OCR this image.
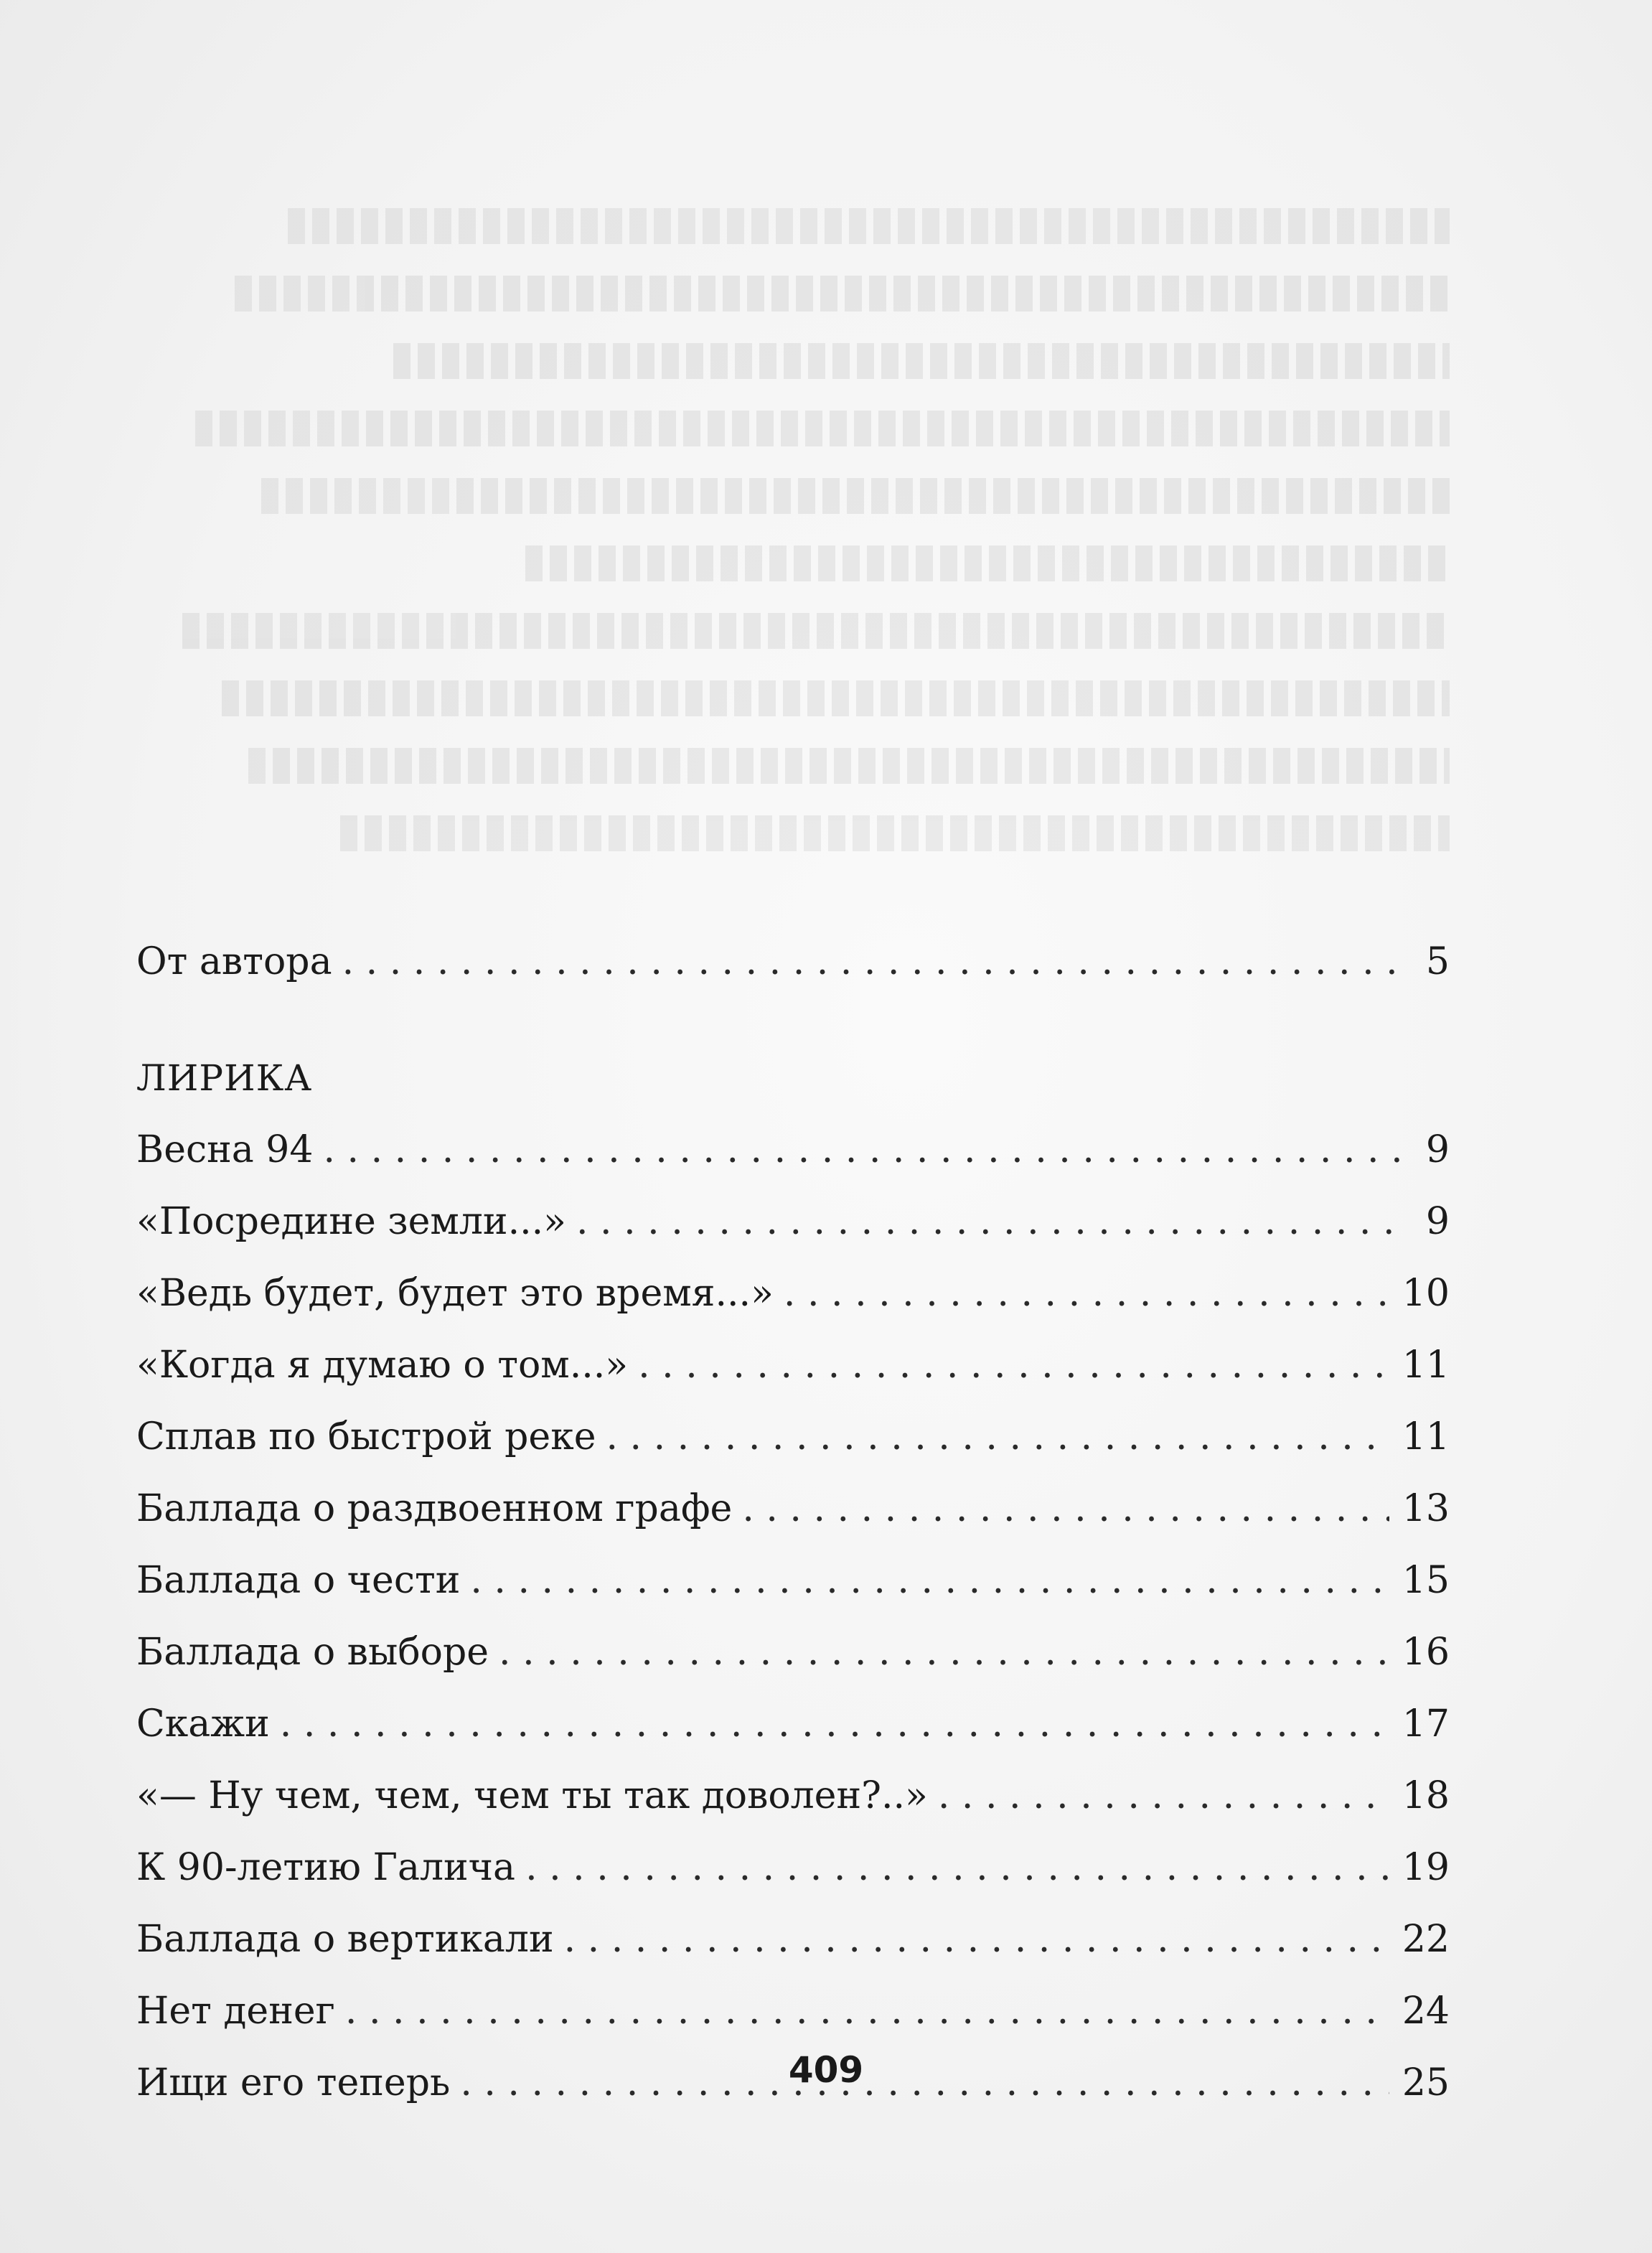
От автора . . .	5
ЛИРИКА
Весна 94 . . .	9
«Посредине земли...» . . .	9
«Ведь будет, будет это время...» . . .	10
«Когда я думаю о том...» . . .	11
Сплав по быстрой реке . . .	11
Баллада о раздвоенном графе . . .	13
Баллада о чести . . .	15
Баллада о выборе . . .	16
Скажи . . .	17
«— Ну чем, чем, чем ты так доволен?..» . . .	18
К 90-летию Галича . . .	19
Баллада о вертикали . . .	22
Нет денег . . .	24
Ищи его теперь . . .	25
409
